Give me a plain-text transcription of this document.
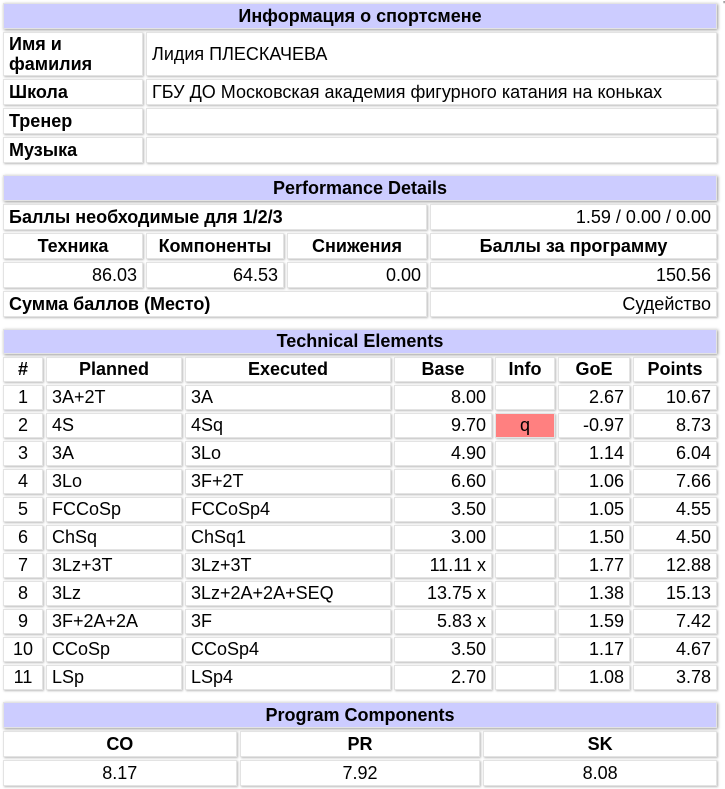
'
Информация о спортсмене	
Имя и фамилия	Лидия ПЛЕСКАЧЕВА
Школа	ГБУ ДО Московская академия фигурного катания на коньках
Тренер	
Музыка	
Performance Details			
Баллы необходимые для 1/2/3			1.59 / 0.00 / 0.00
Техника	Компоненты	Снижения	Баллы за программу
86.03	64.53	0.00	150.56
Сумма баллов (Место)			Судейство
Technical Elements						
#	Planned	Executed	Base	Info	GoE	Points
1	3A+2T	3A	8.00		2.67	10.67
2	4S	4Sq	9.70	q	-0.97	8.73
3	3A	3Lo	4.90		1.14	6.04
4	3Lo	3F+2T	6.60		1.06	7.66
5	FCCoSp	FCCoSp4	3.50		1.05	4.55
6	ChSq	ChSq1	3.00		1.50	4.50
7	3Lz+3T	3Lz+3T	11.11 x		1.77	12.88
8	3Lz	3Lz+2A+2A+SEQ	13.75 x		1.38	15.13
9	3F+2A+2A	3F	5.83 x		1.59	7.42
10	CCoSp	CCoSp4	3.50		1.17	4.67
11	LSp	LSp4	2.70		1.08	3.78
Program Components		
CO	PR	SK
8.17	7.92	8.08
